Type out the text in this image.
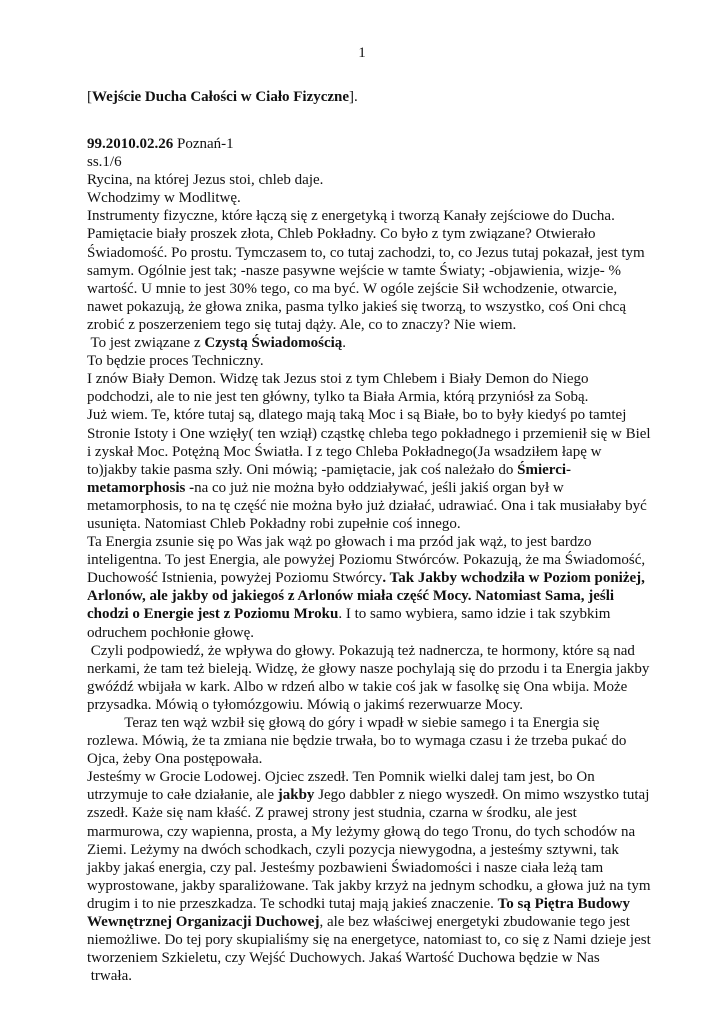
1
[Wejście Ducha Całości w Ciało Fizyczne].
99.2010.02.26 Poznań-1
ss.1/6
Rycina, na której Jezus stoi, chleb daje.
Wchodzimy w Modlitwę.
Instrumenty fizyczne, które łączą się z energetyką i tworzą Kanały zejściowe do Ducha.
Pamiętacie biały proszek złota, Chleb Pokładny. Co było z tym związane? Otwierało
Świadomość. Po prostu. Tymczasem to, co tutaj zachodzi, to, co Jezus tutaj pokazał, jest tym
samym. Ogólnie jest tak; -nasze pasywne wejście w tamte Światy; -objawienia, wizje- %
wartość. U mnie to jest 30% tego, co ma być. W ogóle zejście Sił wchodzenie, otwarcie,
nawet pokazują, że głowa znika, pasma tylko jakieś się tworzą, to wszystko, coś Oni chcą
zrobić z poszerzeniem tego się tutaj dąży. Ale, co to znaczy? Nie wiem.
To jest związane z Czystą Świadomością.
To będzie proces Techniczny.
I znów Biały Demon. Widzę tak Jezus stoi z tym Chlebem i Biały Demon do Niego
podchodzi, ale to nie jest ten główny, tylko ta Biała Armia, którą przyniósł za Sobą.
Już wiem. Te, które tutaj są, dlatego mają taką Moc i są Białe, bo to były kiedyś po tamtej
Stronie Istoty i One wzięły( ten wziął) cząstkę chleba tego pokładnego i przemienił się w Biel
i zyskał Moc. Potężną Moc Światła. I z tego Chleba Pokładnego(Ja wsadziłem łapę w
to)jakby takie pasma szły. Oni mówią; -pamiętacie, jak coś należało do Śmierci-
metamorphosis -na co już nie można było oddziaływać, jeśli jakiś organ był w
metamorphosis, to na tę część nie można było już działać, udrawiać. Ona i tak musiałaby być
usunięta. Natomiast Chleb Pokładny robi zupełnie coś innego.
Ta Energia zsunie się po Was jak wąż po głowach i ma przód jak wąż, to jest bardzo
inteligentna. To jest Energia, ale powyżej Poziomu Stwórców. Pokazują, że ma Świadomość,
Duchowość Istnienia, powyżej Poziomu Stwórcy. Tak Jakby wchodziła w Poziom poniżej,
Arlonów, ale jakby od jakiegoś z Arlonów miała część Mocy. Natomiast Sama, jeśli
chodzi o Energie jest z Poziomu Mroku. I to samo wybiera, samo idzie i tak szybkim
odruchem pochłonie głowę.
Czyli podpowiedź, że wpływa do głowy. Pokazują też nadnercza, te hormony, które są nad
nerkami, że tam też bieleją. Widzę, że głowy nasze pochylają się do przodu i ta Energia jakby
gwóźdź wbijała w kark. Albo w rdzeń albo w takie coś jak w fasolkę się Ona wbija. Może
przysadka. Mówią o tyłomózgowiu. Mówią o jakimś rezerwuarze Mocy.
Teraz ten wąż wzbił się głową do góry i wpadł w siebie samego i ta Energia się
rozlewa. Mówią, że ta zmiana nie będzie trwała, bo to wymaga czasu i że trzeba pukać do
Ojca, żeby Ona postępowała.
Jesteśmy w Grocie Lodowej. Ojciec zszedł. Ten Pomnik wielki dalej tam jest, bo On
utrzymuje to całe działanie, ale jakby Jego dabbler z niego wyszedł. On mimo wszystko tutaj
zszedł. Każe się nam kłaść. Z prawej strony jest studnia, czarna w środku, ale jest
marmurowa, czy wapienna, prosta, a My leżymy głową do tego Tronu, do tych schodów na
Ziemi. Leżymy na dwóch schodkach, czyli pozycja niewygodna, a jesteśmy sztywni, tak
jakby jakaś energia, czy pal. Jesteśmy pozbawieni Świadomości i nasze ciała leżą tam
wyprostowane, jakby sparaliżowane. Tak jakby krzyż na jednym schodku, a głowa już na tym
drugim i to nie przeszkadza. Te schodki tutaj mają jakieś znaczenie. To są Piętra Budowy
Wewnętrznej Organizacji Duchowej, ale bez właściwej energetyki zbudowanie tego jest
niemożliwe. Do tej pory skupialiśmy się na energetyce, natomiast to, co się z Nami dzieje jest
tworzeniem Szkieletu, czy Wejść Duchowych. Jakaś Wartość Duchowa będzie w Nas
trwała.
